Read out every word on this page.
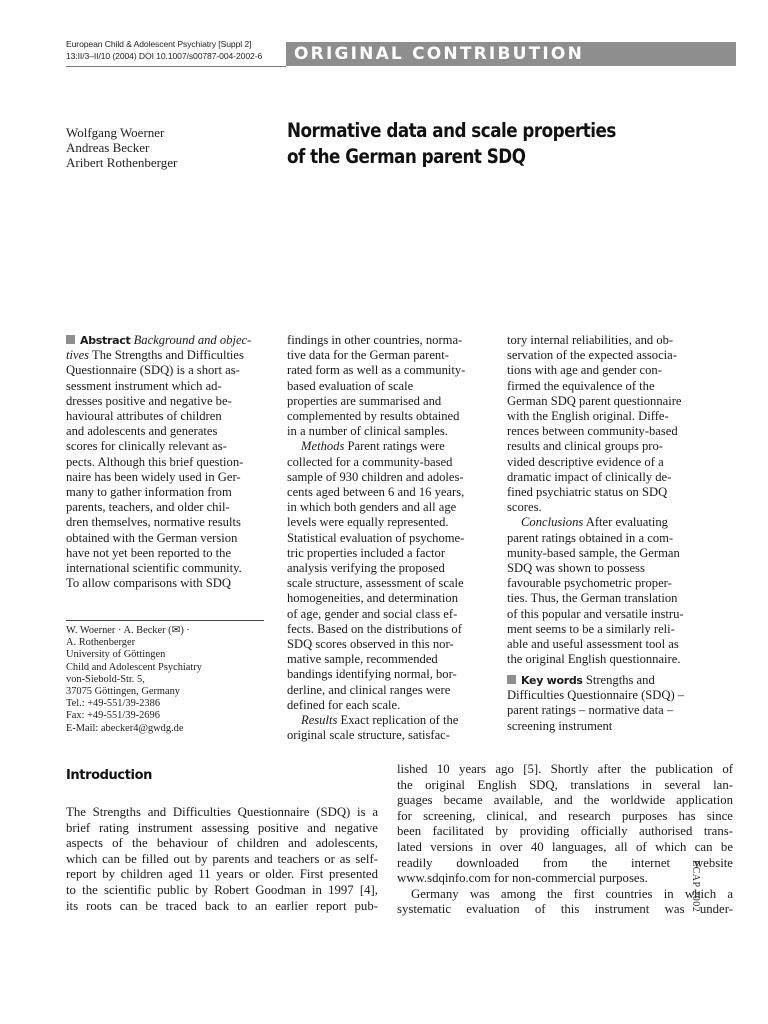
European Child & Adolescent Psychiatry [Suppl 2]
13:II/3–II/10 (2004) DOI 10.1007/s00787-004-2002-6	ORIGINAL CONTRIBUTION
Wolfgang Woerner
Andreas Becker
Aribert Rothenberger
Normative data and scale properties
of the German parent SDQ
Abstract Background and objec-
tives The Strengths and Difficulties
Questionnaire (SDQ) is a short as-
sessment instrument which ad-
dresses positive and negative be-
havioural attributes of children
and adolescents and generates
scores for clinically relevant as-
pects. Although this brief question-
naire has been widely used in Ger-
many to gather information from
parents, teachers, and older chil-
dren themselves, normative results
obtained with the German version
have not yet been reported to the
international scientific community.
To allow comparisons with SDQ
findings in other countries, norma-
tive data for the German parent-
rated form as well as a community-
based evaluation of scale
properties are summarised and
complemented by results obtained
in a number of clinical samples.
Methods Parent ratings were
collected for a community-based
sample of 930 children and adoles-
cents aged between 6 and 16 years,
in which both genders and all age
levels were equally represented.
Statistical evaluation of psychome-
tric properties included a factor
analysis verifying the proposed
scale structure, assessment of scale
homogeneities, and determination
of age, gender and social class ef-
fects. Based on the distributions of
SDQ scores observed in this nor-
mative sample, recommended
bandings identifying normal, bor-
derline, and clinical ranges were
defined for each scale.
Results Exact replication of the
original scale structure, satisfac-
tory internal reliabilities, and ob-
servation of the expected associa-
tions with age and gender con-
firmed the equivalence of the
German SDQ parent questionnaire
with the English original. Diffe-
rences between community-based
results and clinical groups pro-
vided descriptive evidence of a
dramatic impact of clinically de-
fined psychiatric status on SDQ
scores.
Conclusions After evaluating
parent ratings obtained in a com-
munity-based sample, the German
SDQ was shown to possess
favourable psychometric proper-
ties. Thus, the German translation
of this popular and versatile instru-
ment seems to be a similarly reli-
able and useful assessment tool as
the original English questionnaire.
Key words Strengths and
Difficulties Questionnaire (SDQ) –
parent ratings – normative data –
screening instrument
W. Woerner · A. Becker (✉) ·
A. Rothenberger
University of Göttingen
Child and Adolescent Psychiatry
von-Siebold-Str. 5,
37075 Göttingen, Germany
Tel.: +49-551/39-2386
Fax: +49-551/39-2696
E-Mail: abecker4@gwdg.de
Introduction
The Strengths and Difficulties Questionnaire (SDQ) is a
brief rating instrument assessing positive and negative
aspects of the behaviour of children and adolescents,
which can be filled out by parents and teachers or as self-
report by children aged 11 years or older. First presented
to the scientific public by Robert Goodman in 1997 [4],
its roots can be traced back to an earlier report pub-
lished 10 years ago [5]. Shortly after the publication of
the original English SDQ, translations in several lan-
guages became available, and the worldwide application
for screening, clinical, and research purposes has since
been facilitated by providing officially authorised trans-
lated versions in over 40 languages, all of which can be
readily downloaded from the internet website
www.sdqinfo.com for non-commercial purposes.
Germany was among the first countries in which a
systematic evaluation of this instrument was under-
ECAP 2002
